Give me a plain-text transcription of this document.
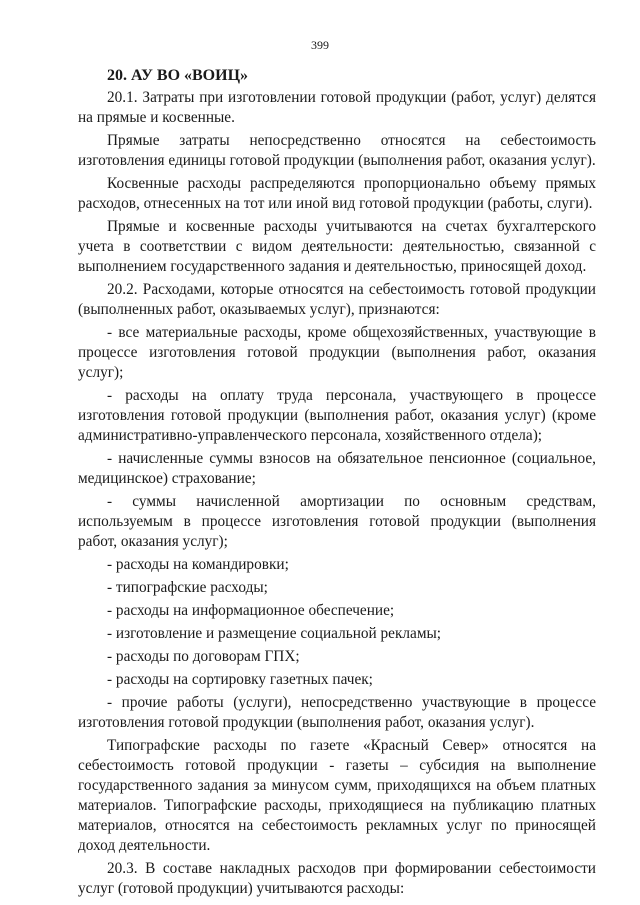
399
20. АУ ВО «ВОИЦ»

20.1. Затраты при изготовлении готовой продукции (работ, услуг) делятся на прямые и косвенные.

Прямые затраты непосредственно относятся на себестоимость изготовления единицы готовой продукции (выполнения работ, оказания услуг).

Косвенные расходы распределяются пропорционально объему прямых расходов, отнесенных на тот или иной вид готовой продукции (работы, слуги).

Прямые и косвенные расходы учитываются на счетах бухгалтерского учета в соответствии с видом деятельности: деятельностью, связанной с выполнением государственного задания и деятельностью, приносящей доход.

20.2. Расходами, которые относятся на себестоимость готовой продукции (выполненных работ, оказываемых услуг), признаются:

- все материальные расходы, кроме общехозяйственных, участвующие в процессе изготовления готовой продукции (выполнения работ, оказания услуг);

- расходы на оплату труда персонала, участвующего в процессе изготовления готовой продукции (выполнения работ, оказания услуг) (кроме административно-управленческого персонала, хозяйственного отдела);

- начисленные суммы взносов на обязательное пенсионное (социальное, медицинское) страхование;

- суммы начисленной амортизации по основным средствам, используемым в процессе изготовления готовой продукции (выполнения работ, оказания услуг);

- расходы на командировки;

- типографские расходы;

- расходы на информационное обеспечение;

- изготовление и размещение социальной рекламы;

- расходы по договорам ГПХ;

- расходы на сортировку газетных пачек;

- прочие работы (услуги), непосредственно участвующие в процессе изготовления готовой продукции (выполнения работ, оказания услуг).

Типографские расходы по газете «Красный Север» относятся на себестоимость готовой продукции - газеты – субсидия на выполнение государственного задания за минусом сумм, приходящихся на объем платных материалов. Типографские расходы, приходящиеся на публикацию платных материалов, относятся на себестоимость рекламных услуг по приносящей доход деятельности.

20.3. В составе накладных расходов при формировании себестоимости услуг (готовой продукции) учитываются расходы:
